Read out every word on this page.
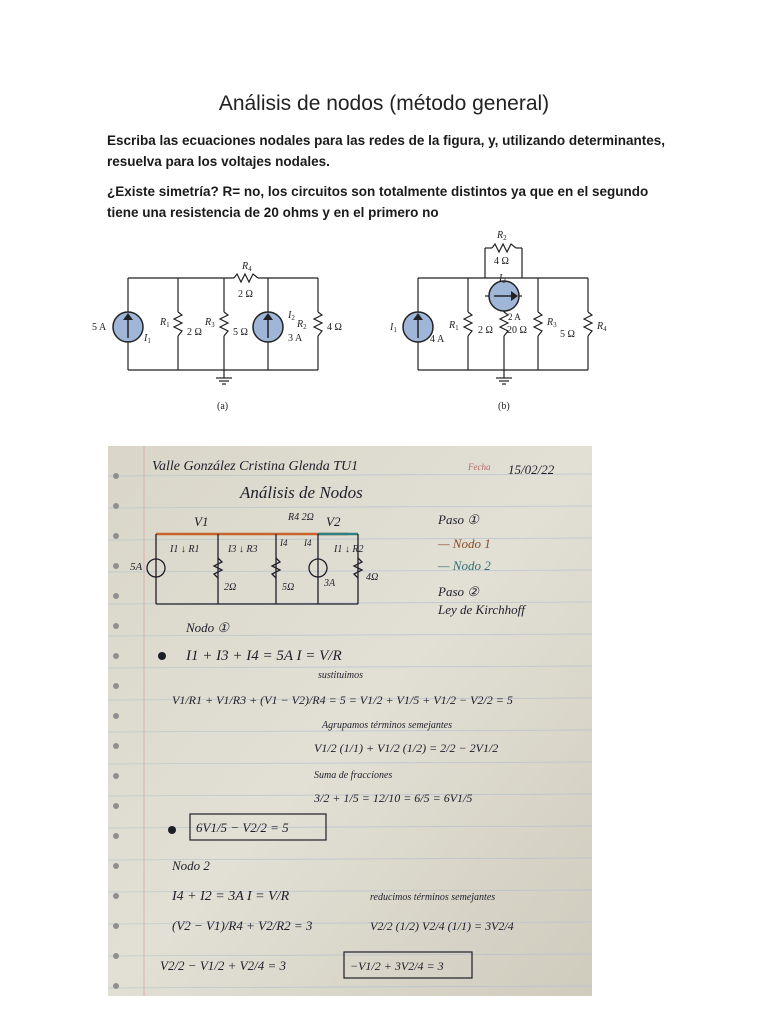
Análisis de nodos (método general)
Escriba las ecuaciones nodales para las redes de la figura, y, utilizando determinantes, resuelva para los voltajes nodales.
¿Existe simetría? R= no, los circuitos son totalmente distintos ya que en el segundo tiene una resistencia de 20 ohms y en el primero no
5 A
$I_1$
$R_1$
2 Ω
$R_3$
5 Ω
$R_4$
2 Ω
$I_2$
3 A
$R_2$ 4 Ω
(a)
$I_1$
4 A
$R_1$ 2 Ω
$R_2$
4 Ω
$I_2$
2 A
20 Ω
$R_3$
5 Ω
$R_4$
(b)
Valle González Cristina Glenda TU1	Fecha 15/02/22
Análisis de Nodos
V1	V2
R4 2Ω
5A
3A
I1 ↓ R1	I3 ↓ R3
I4 I4
I1 ↓ R2
2Ω	5Ω
4Ω
Paso ①
— Nodo 1
— Nodo 2
Paso ②
Ley de Kirchhoff
Nodo ①
I1 + I3 + I4 = 5A I = V/R
sustituimos
V1/R1 + V1/R3 + (V1 − V2)/R4 = 5 = V1/2 + V1/5 + V1/2 − V2/2 = 5
Agrupamos términos semejantes
V1/2 (1/1) + V1/2 (1/2) = 2/2 − 2V1/2
Suma de fracciones
3/2 + 1/5 = 12/10 = 6/5 = 6V1/5
6V1/5 − V2/2 = 5
Nodo 2
I4 + I2 = 3A I = V/R	reducimos términos semejantes
(V2 − V1)/R4 + V2/R2 = 3	V2/2 (1/2) V2/4 (1/1) = 3V2/4
V2/2 − V1/2 + V2/4 = 3	−V1/2 + 3V2/4 = 3
